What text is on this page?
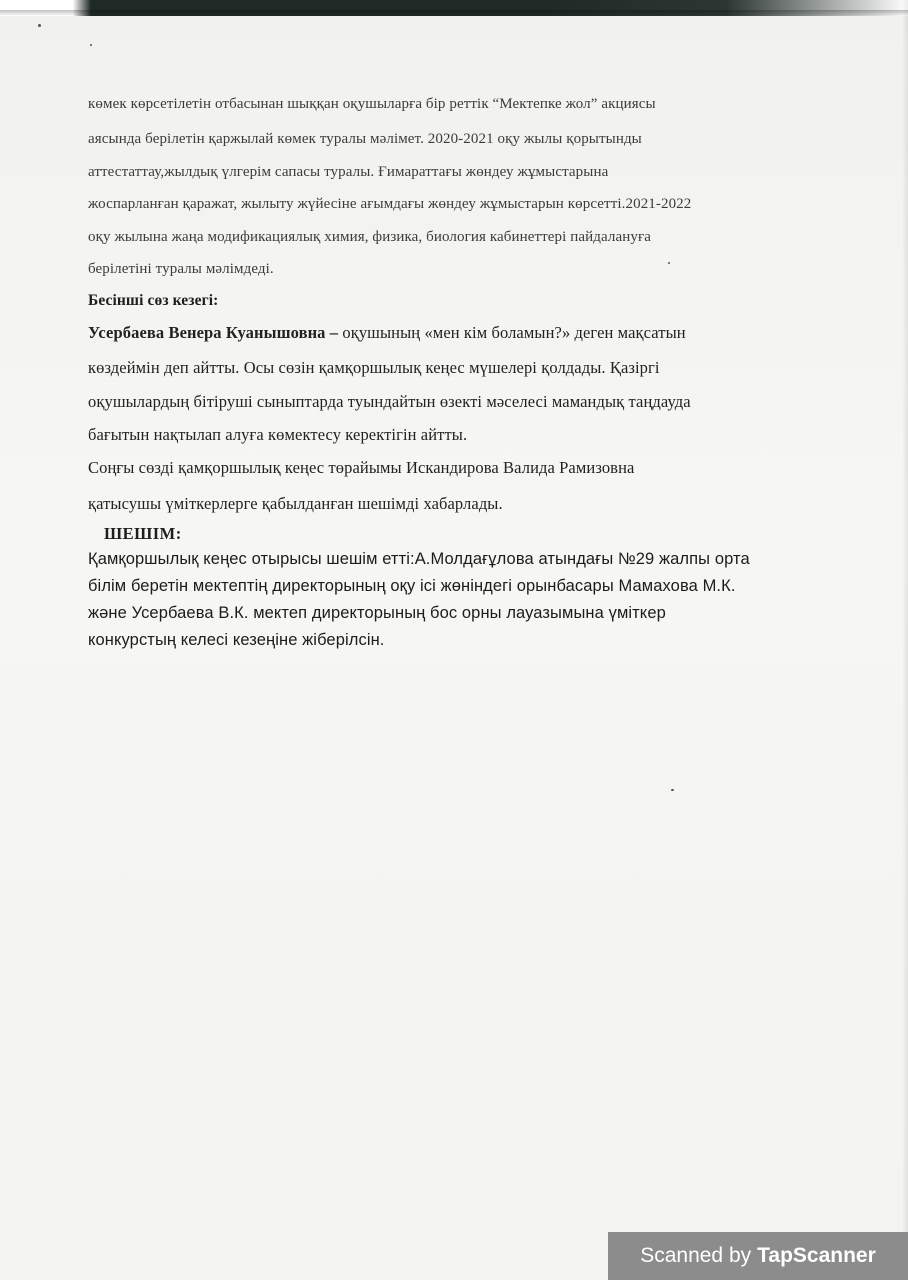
көмек көрсетілетін отбасынан шыққан оқушыларға бір реттік “Мектепке жол” акциясы
аясында берілетін қаржылай көмек туралы мәлімет. 2020-2021 оқу жылы қорытынды
аттестаттау,жылдық үлгерім сапасы туралы. Ғимараттағы жөндеу жұмыстарына
жоспарланған қаражат, жылыту жүйесіне ағымдағы жөндеу жұмыстарын көрсетті.2021-2022
оқу жылына жаңа модификациялық химия, физика, биология кабинеттері пайдалануға
берілетіні туралы мәлімдеді.
Бесінші сөз кезегі:
Усербаева Венера Куанышовна – оқушының «мен кім боламын?» деген мақсатын
көздеймін деп айтты. Осы сөзін қамқоршылық кеңес мүшелері қолдады. Қазіргі
оқушылардың бітіруші сыныптарда туындайтын өзекті мәселесі мамандық таңдауда
бағытын нақтылап алуға көмектесу керектігін айтты.
Соңғы сөзді қамқоршылық кеңес төрайымы Искандирова Валида Рамизовна
қатысушы үміткерлерге қабылданған шешімді хабарлады.
ШЕШІМ:
Қамқоршылық кеңес отырысы шешім етті:А.Молдағұлова атындағы №29 жалпы орта
білім беретін мектептің директорының оқу ісі жөніндегі орынбасары Мамахова М.К.
және Усербаева В.К. мектеп директорының бос орны лауазымына үміткер
конкурстың келесі кезеңіне жіберілсін.
Scanned by TapScanner
